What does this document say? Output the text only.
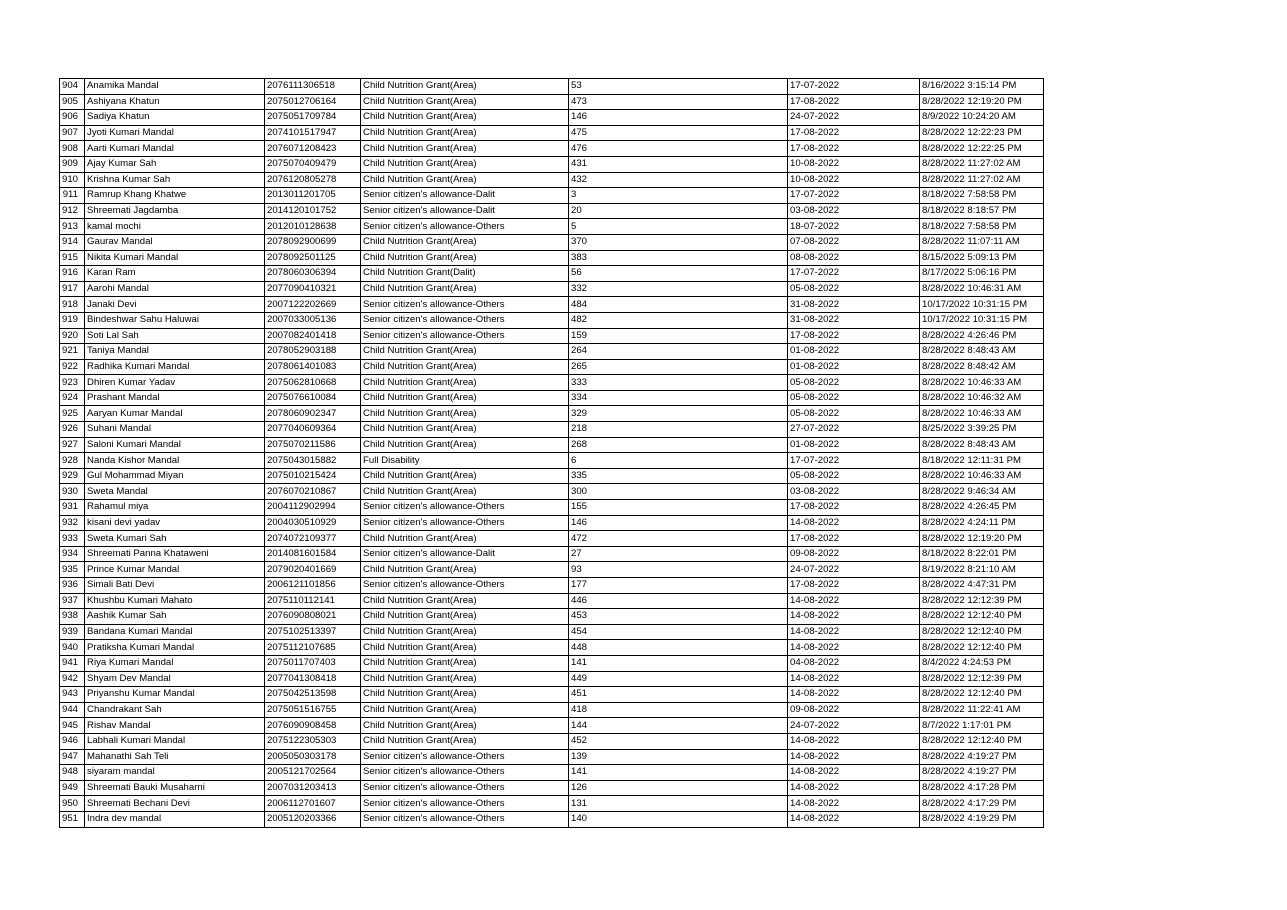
904	Anamika Mandal	2076111306518	Child Nutrition Grant(Area)	53	17-07-2022	8/16/2022 3:15:14 PM
905	Ashiyana Khatun	2075012706164	Child Nutrition Grant(Area)	473	17-08-2022	8/28/2022 12:19:20 PM
906	Sadiya Khatun	2075051709784	Child Nutrition Grant(Area)	146	24-07-2022	8/9/2022 10:24:20 AM
907	Jyoti Kumari Mandal	2074101517947	Child Nutrition Grant(Area)	475	17-08-2022	8/28/2022 12:22:23 PM
908	Aarti Kumari Mandal	2076071208423	Child Nutrition Grant(Area)	476	17-08-2022	8/28/2022 12:22:25 PM
909	Ajay Kumar Sah	2075070409479	Child Nutrition Grant(Area)	431	10-08-2022	8/28/2022 11:27:02 AM
910	Krishna Kumar Sah	2076120805278	Child Nutrition Grant(Area)	432	10-08-2022	8/28/2022 11:27:02 AM
911	Ramrup Khang Khatwe	2013011201705	Senior citizen's allowance-Dalit	3	17-07-2022	8/18/2022 7:58:58 PM
912	Shreemati Jagdamba	2014120101752	Senior citizen's allowance-Dalit	20	03-08-2022	8/18/2022 8:18:57 PM
913	kamal mochi	2012010128638	Senior citizen's allowance-Others	5	18-07-2022	8/18/2022 7:58:58 PM
914	Gaurav Mandal	2078092900699	Child Nutrition Grant(Area)	370	07-08-2022	8/28/2022 11:07:11 AM
915	Nikita Kumari Mandal	2078092501125	Child Nutrition Grant(Area)	383	08-08-2022	8/15/2022 5:09:13 PM
916	Karan Ram	2078060306394	Child Nutrition Grant(Dalit)	56	17-07-2022	8/17/2022 5:06:16 PM
917	Aarohi Mandal	2077090410321	Child Nutrition Grant(Area)	332	05-08-2022	8/28/2022 10:46:31 AM
918	Janaki Devi	2007122202669	Senior citizen's allowance-Others	484	31-08-2022	10/17/2022 10:31:15 PM
919	Bindeshwar Sahu Haluwai	2007033005136	Senior citizen's allowance-Others	482	31-08-2022	10/17/2022 10:31:15 PM
920	Soti Lal Sah	2007082401418	Senior citizen's allowance-Others	159	17-08-2022	8/28/2022 4:26:46 PM
921	Taniya Mandal	2078052903188	Child Nutrition Grant(Area)	264	01-08-2022	8/28/2022 8:48:43 AM
922	Radhika Kumari Mandal	2078061401083	Child Nutrition Grant(Area)	265	01-08-2022	8/28/2022 8:48:42 AM
923	Dhiren Kumar Yadav	2075062810668	Child Nutrition Grant(Area)	333	05-08-2022	8/28/2022 10:46:33 AM
924	Prashant Mandal	2075076610084	Child Nutrition Grant(Area)	334	05-08-2022	8/28/2022 10:46:32 AM
925	Aaryan Kumar Mandal	2078060902347	Child Nutrition Grant(Area)	329	05-08-2022	8/28/2022 10:46:33 AM
926	Suhani Mandal	2077040609364	Child Nutrition Grant(Area)	218	27-07-2022	8/25/2022 3:39:25 PM
927	Saloni Kumari Mandal	2075070211586	Child Nutrition Grant(Area)	268	01-08-2022	8/28/2022 8:48:43 AM
928	Nanda Kishor Mandal	2075043015882	Full Disability	6	17-07-2022	8/18/2022 12:11:31 PM
929	Gul Mohammad Miyan	2075010215424	Child Nutrition Grant(Area)	335	05-08-2022	8/28/2022 10:46:33 AM
930	Sweta Mandal	2076070210867	Child Nutrition Grant(Area)	300	03-08-2022	8/28/2022 9:46:34 AM
931	Rahamul miya	2004112902994	Senior citizen's allowance-Others	155	17-08-2022	8/28/2022 4:26:45 PM
932	kisani devi yadav	2004030510929	Senior citizen's allowance-Others	146	14-08-2022	8/28/2022 4:24:11 PM
933	Sweta Kumari Sah	2074072109377	Child Nutrition Grant(Area)	472	17-08-2022	8/28/2022 12:19:20 PM
934	Shreemati Panna Khataweni	2014081601584	Senior citizen's allowance-Dalit	27	09-08-2022	8/18/2022 8:22:01 PM
935	Prince Kumar Mandal	2079020401669	Child Nutrition Grant(Area)	93	24-07-2022	8/19/2022 8:21:10 AM
936	Simali Bati Devi	2006121101856	Senior citizen's allowance-Others	177	17-08-2022	8/28/2022 4:47:31 PM
937	Khushbu Kumari Mahato	2075110112141	Child Nutrition Grant(Area)	446	14-08-2022	8/28/2022 12:12:39 PM
938	Aashik Kumar Sah	2076090808021	Child Nutrition Grant(Area)	453	14-08-2022	8/28/2022 12:12:40 PM
939	Bandana Kumari Mandal	2075102513397	Child Nutrition Grant(Area)	454	14-08-2022	8/28/2022 12:12:40 PM
940	Pratiksha Kumari Mandal	2075112107685	Child Nutrition Grant(Area)	448	14-08-2022	8/28/2022 12:12:40 PM
941	Riya Kumari Mandal	2075011707403	Child Nutrition Grant(Area)	141	04-08-2022	8/4/2022 4:24:53 PM
942	Shyam Dev Mandal	2077041308418	Child Nutrition Grant(Area)	449	14-08-2022	8/28/2022 12:12:39 PM
943	Priyanshu Kumar Mandal	2075042513598	Child Nutrition Grant(Area)	451	14-08-2022	8/28/2022 12:12:40 PM
944	Chandrakant Sah	2075051516755	Child Nutrition Grant(Area)	418	09-08-2022	8/28/2022 11:22:41 AM
945	Rishav Mandal	2076090908458	Child Nutrition Grant(Area)	144	24-07-2022	8/7/2022 1:17:01 PM
946	Labhali Kumari Mandal	2075122305303	Child Nutrition Grant(Area)	452	14-08-2022	8/28/2022 12:12:40 PM
947	Mahanathi Sah Teli	2005050303178	Senior citizen's allowance-Others	139	14-08-2022	8/28/2022 4:19:27 PM
948	siyaram mandal	2005121702564	Senior citizen's allowance-Others	141	14-08-2022	8/28/2022 4:19:27 PM
949	Shreemati Bauki Musaharni	2007031203413	Senior citizen's allowance-Others	126	14-08-2022	8/28/2022 4:17:28 PM
950	Shreemati Bechani Devi	2006112701607	Senior citizen's allowance-Others	131	14-08-2022	8/28/2022 4:17:29 PM
951	Indra dev mandal	2005120203366	Senior citizen's allowance-Others	140	14-08-2022	8/28/2022 4:19:29 PM
